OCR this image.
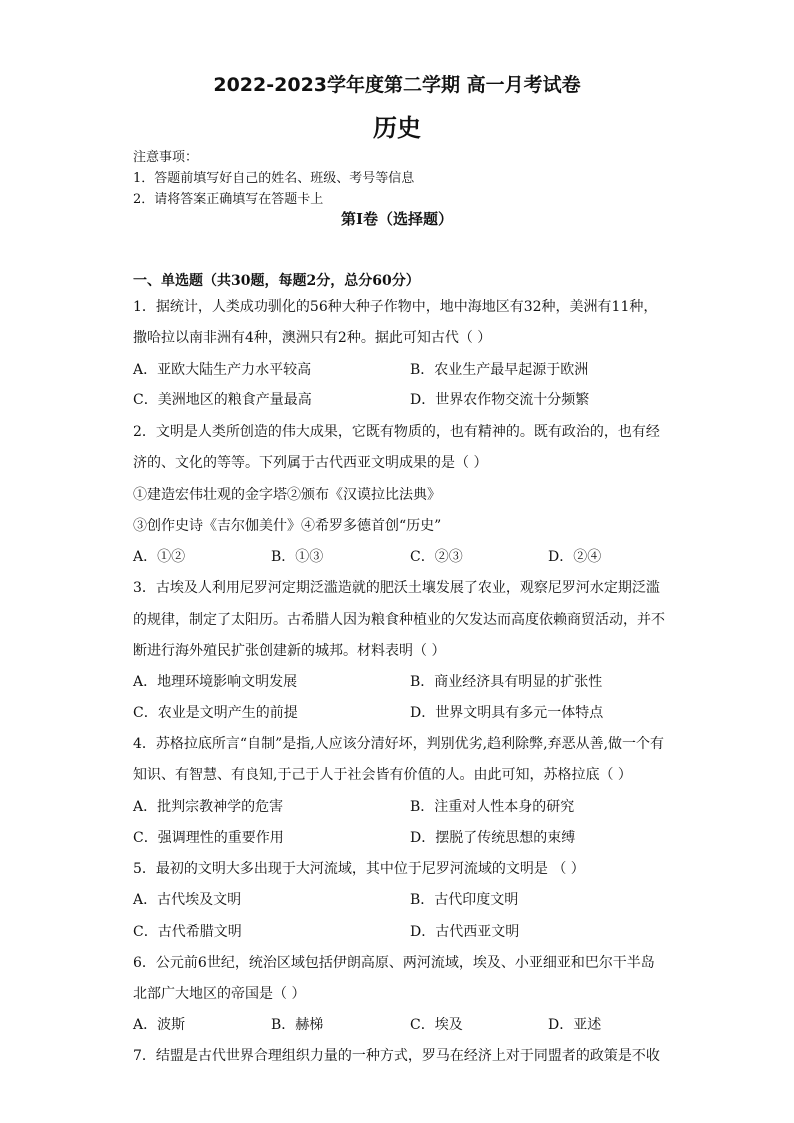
2022-2023学年度第二学期 高一月考试卷
历史
注意事项：
1．答题前填写好自己的姓名、班级、考号等信息
2．请将答案正确填写在答题卡上
第I卷（选择题）
一、单选题（共30题，每题2分，总分60分）
1．据统计，人类成功驯化的56种大种子作物中，地中海地区有32种，美洲有11种，
撒哈拉以南非洲有4种，澳洲只有2种。据此可知古代（ ）
A．亚欧大陆生产力水平较高	B．农业生产最早起源于欧洲
C．美洲地区的粮食产量最高	D．世界农作物交流十分频繁
2．文明是人类所创造的伟大成果，它既有物质的，也有精神的。既有政治的，也有经
济的、文化的等等。下列属于古代西亚文明成果的是（ ）
①建造宏伟壮观的金字塔②颁布《汉谟拉比法典》
③创作史诗《吉尔伽美什》④希罗多德首创“历史”
A．①②	B．①③	C．②③	D．②④
3．古埃及人利用尼罗河定期泛滥造就的肥沃土壤发展了农业，观察尼罗河水定期泛滥
的规律，制定了太阳历。古希腊人因为粮食种植业的欠发达而高度依赖商贸活动，并不
断进行海外殖民扩张创建新的城邦。材料表明（ ）
A．地理环境影响文明发展	B．商业经济具有明显的扩张性
C．农业是文明产生的前提	D．世界文明具有多元一体特点
4．苏格拉底所言“自制”是指,人应该分清好坏，判别优劣,趋利除弊,弃恶从善,做一个有
知识、有智慧、有良知,于己于人于社会皆有价值的人。由此可知，苏格拉底（ ）
A．批判宗教神学的危害	B．注重对人性本身的研究
C．强调理性的重要作用	D．摆脱了传统思想的束缚
5．最初的文明大多出现于大河流域，其中位于尼罗河流域的文明是 （ ）
A．古代埃及文明	B．古代印度文明
C．古代希腊文明	D．古代西亚文明
6．公元前6世纪，统治区域包括伊朗高原、两河流域，埃及、小亚细亚和巴尔干半岛
北部广大地区的帝国是（ ）
A．波斯	B．赫梯	C．埃及	D．亚述
7．结盟是古代世界合理组织力量的一种方式，罗马在经济上对于同盟者的政策是不收
